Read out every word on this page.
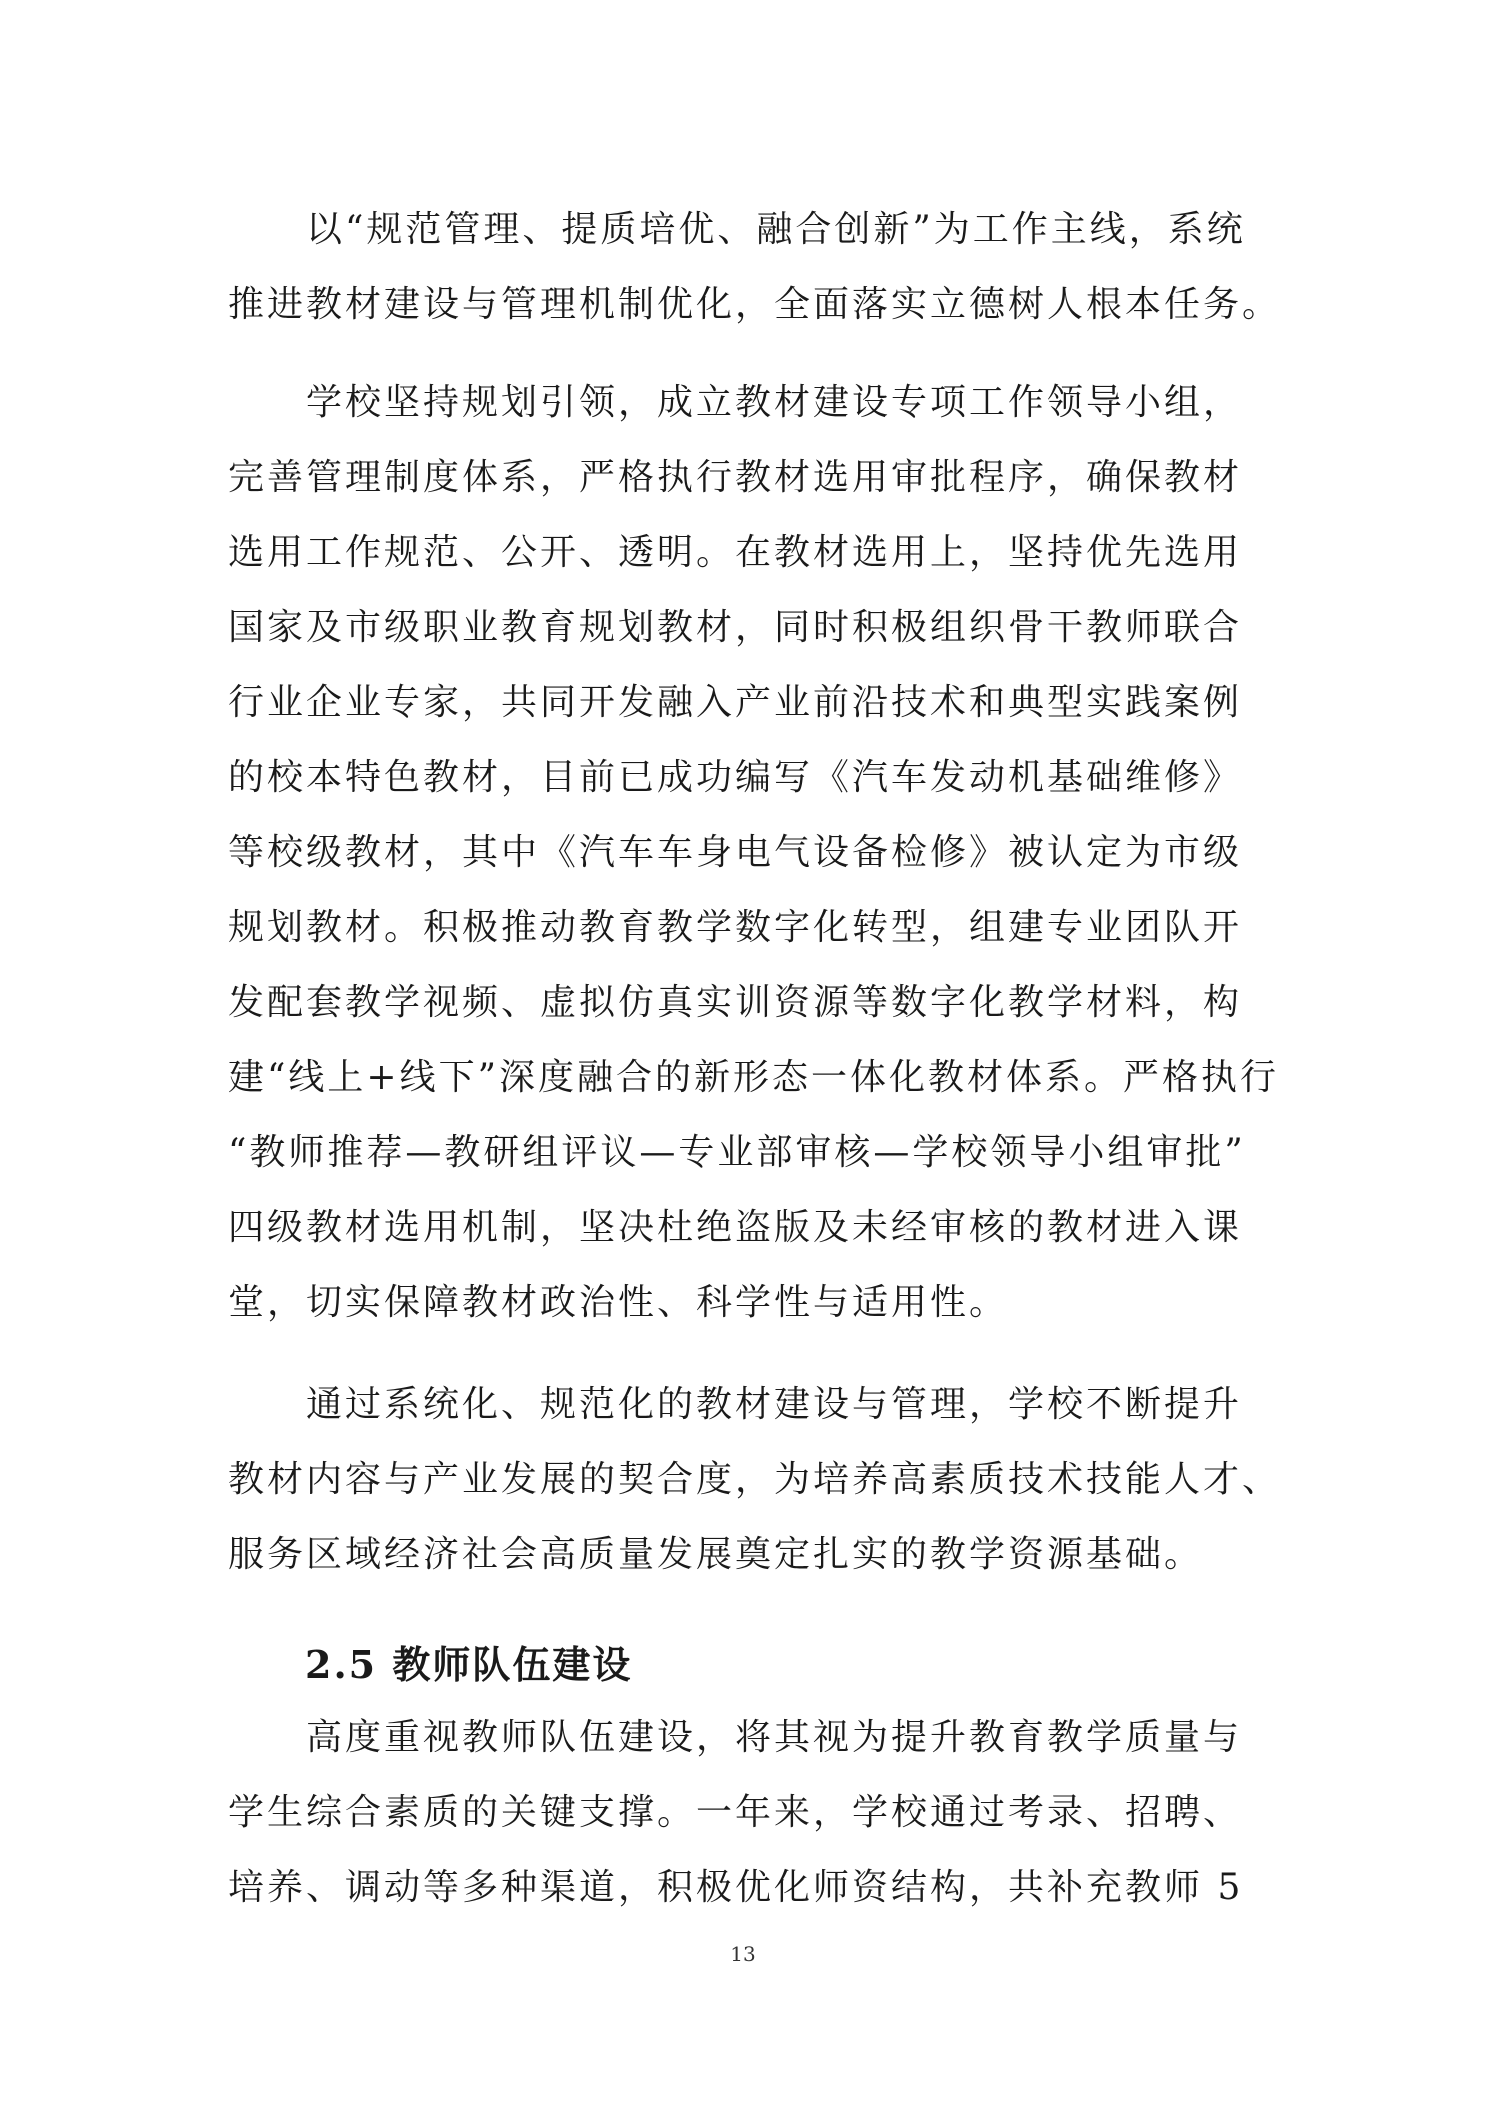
　　以“规范管理、提质培优、融合创新”为工作主线，系统
推进教材建设与管理机制优化，全面落实立德树人根本任务。
　　学校坚持规划引领，成立教材建设专项工作领导小组，
完善管理制度体系，严格执行教材选用审批程序，确保教材
选用工作规范、公开、透明。在教材选用上，坚持优先选用
国家及市级职业教育规划教材，同时积极组织骨干教师联合
行业企业专家，共同开发融入产业前沿技术和典型实践案例
的校本特色教材，目前已成功编写《汽车发动机基础维修》
等校级教材，其中《汽车车身电气设备检修》被认定为市级
规划教材。积极推动教育教学数字化转型，组建专业团队开
发配套教学视频、虚拟仿真实训资源等数字化教学材料，构
建“线上+线下”深度融合的新形态一体化教材体系。严格执行
“教师推荐—教研组评议—专业部审核—学校领导小组审批”
四级教材选用机制，坚决杜绝盗版及未经审核的教材进入课
堂，切实保障教材政治性、科学性与适用性。
　　通过系统化、规范化的教材建设与管理，学校不断提升
教材内容与产业发展的契合度，为培养高素质技术技能人才、
服务区域经济社会高质量发展奠定扎实的教学资源基础。
2.5 教师队伍建设
　　高度重视教师队伍建设，将其视为提升教育教学质量与
学生综合素质的关键支撑。一年来，学校通过考录、招聘、
培养、调动等多种渠道，积极优化师资结构，共补充教师 5
13
